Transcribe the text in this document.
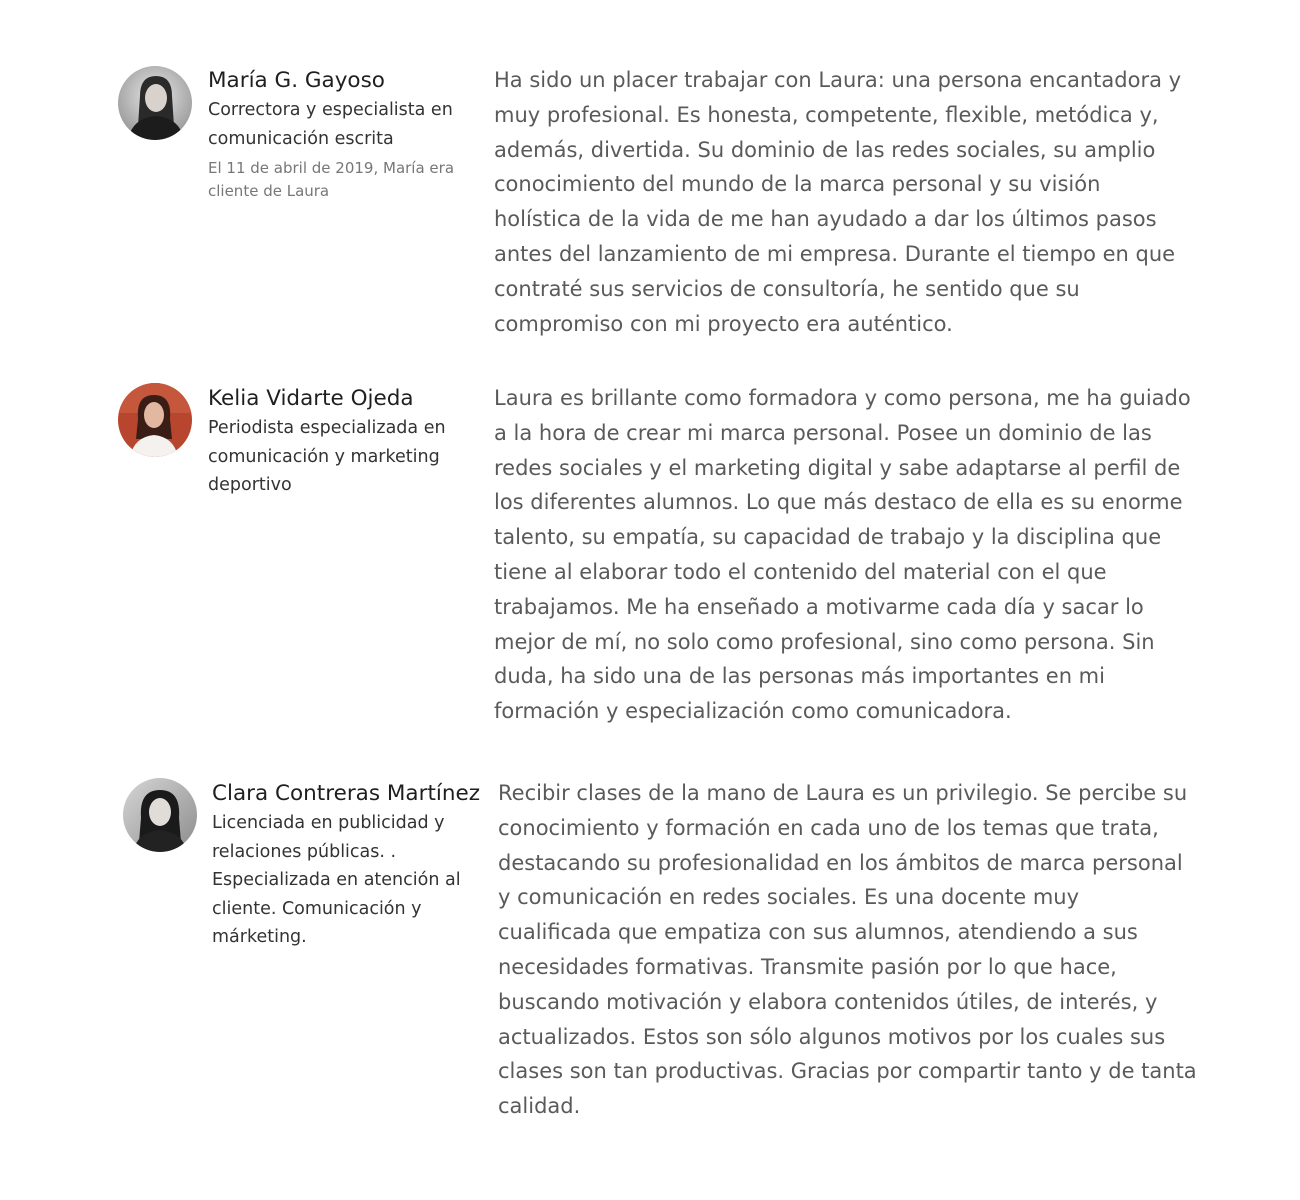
María G. Gayoso

Correctora y especialista en comunicación escrita

El 11 de abril de 2019, María era cliente de Laura

Ha sido un placer trabajar con Laura: una persona encantadora y muy profesional. Es honesta, competente, flexible, metódica y, además, divertida. Su dominio de las redes sociales, su amplio conocimiento del mundo de la marca personal y su visión holística de la vida de me han ayudado a dar los últimos pasos antes del lanzamiento de mi empresa. Durante el tiempo en que contraté sus servicios de consultoría, he sentido que su compromiso con mi proyecto era auténtico.

Kelia Vidarte Ojeda

Periodista especializada en comunicación y marketing deportivo

Laura es brillante como formadora y como persona, me ha guiado a la hora de crear mi marca personal. Posee un dominio de las redes sociales y el marketing digital y sabe adaptarse al perfil de los diferentes alumnos. Lo que más destaco de ella es su enorme talento, su empatía, su capacidad de trabajo y la disciplina que tiene al elaborar todo el contenido del material con el que trabajamos. Me ha enseñado a motivarme cada día y sacar lo mejor de mí, no solo como profesional, sino como persona. Sin duda, ha sido una de las personas más importantes en mi formación y especialización como comunicadora.

Clara Contreras Martínez

Licenciada en publicidad y relaciones públicas. . Especializada en atención al cliente. Comunicación y márketing.

Recibir clases de la mano de Laura es un privilegio. Se percibe su conocimiento y formación en cada uno de los temas que trata, destacando su profesionalidad en los ámbitos de marca personal y comunicación en redes sociales. Es una docente muy cualificada que empatiza con sus alumnos, atendiendo a sus necesidades formativas. Transmite pasión por lo que hace, buscando motivación y elabora contenidos útiles, de interés, y actualizados. Estos son sólo algunos motivos por los cuales sus clases son tan productivas. Gracias por compartir tanto y de tanta calidad.
